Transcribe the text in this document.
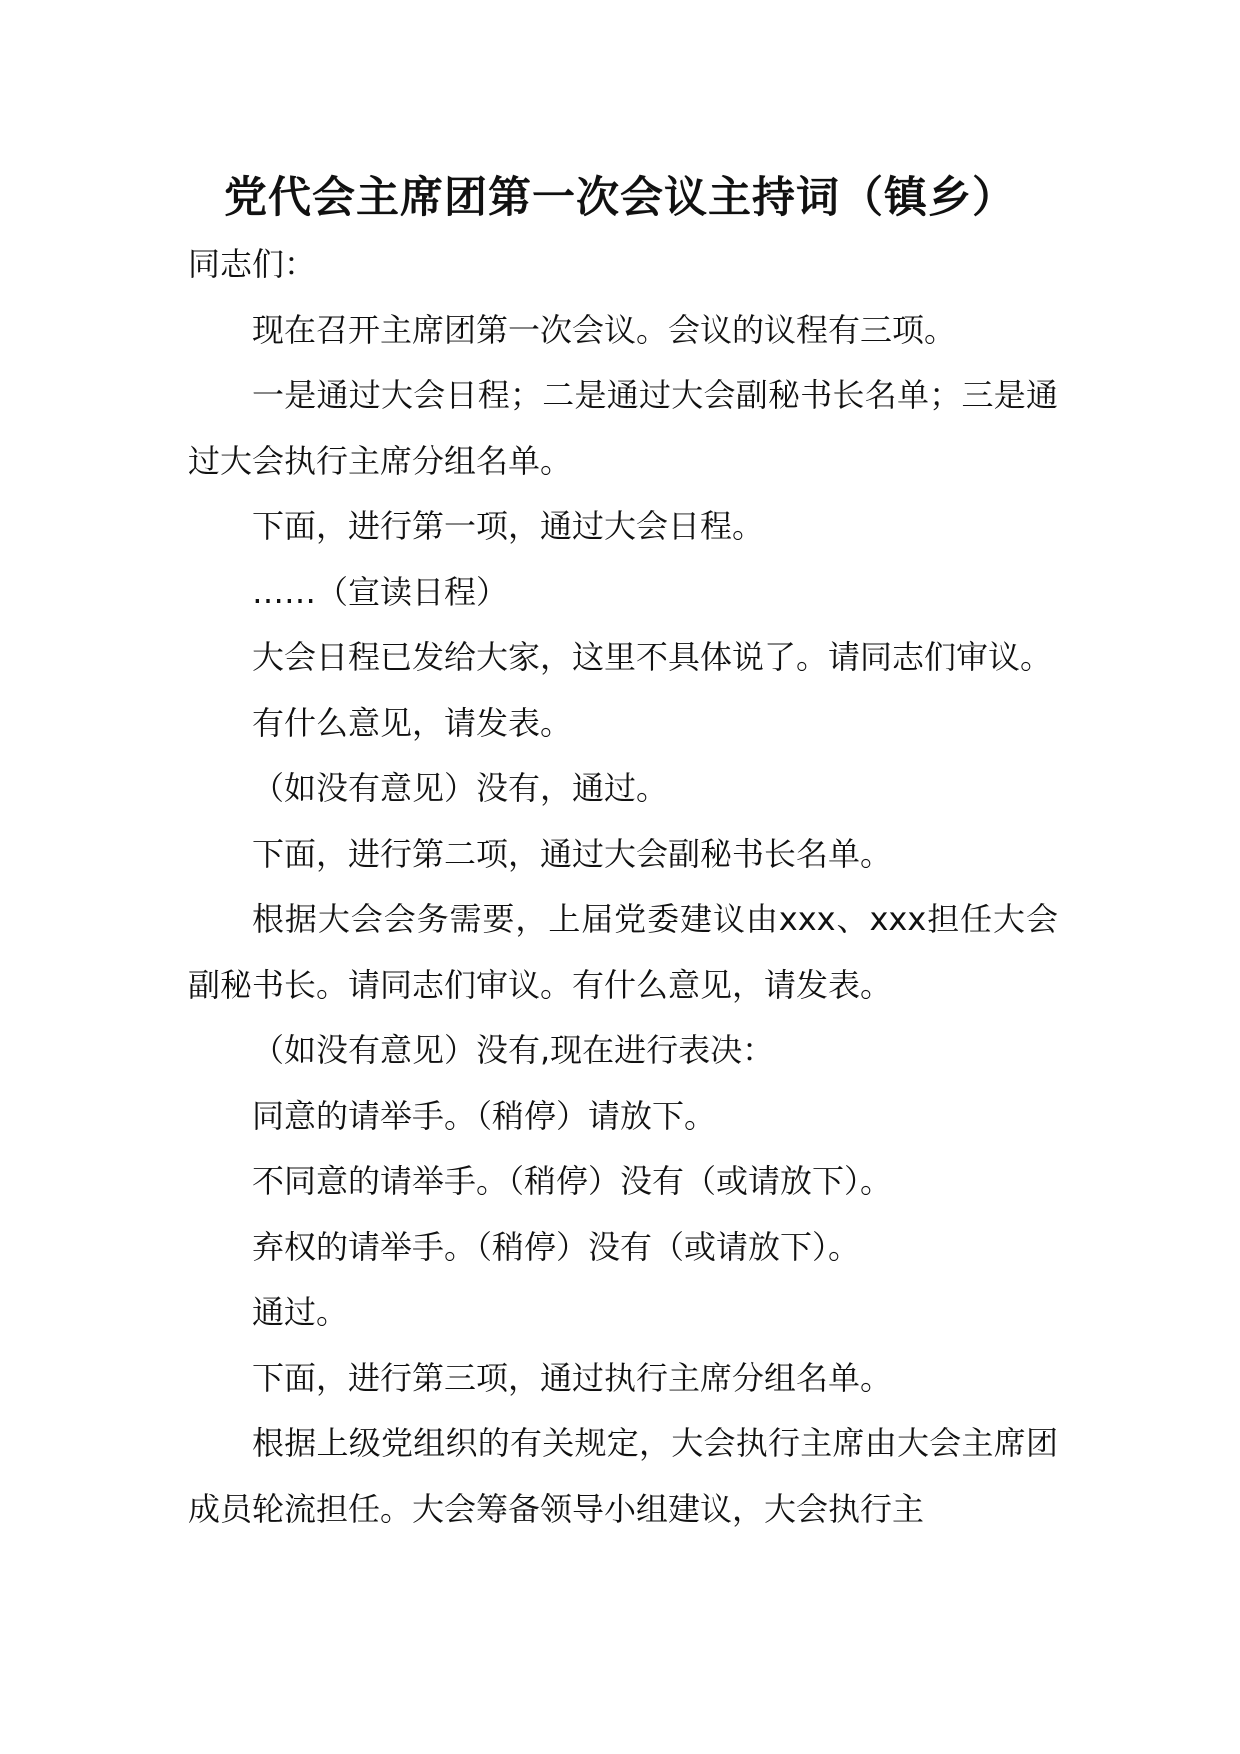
党代会主席团第一次会议主持词（镇乡）

同志们：

现在召开主席团第一次会议。会议的议程有三项。

一是通过大会日程；二是通过大会副秘书长名单；三是通过大会执行主席分组名单。

下面，进行第一项，通过大会日程。

……（宣读日程）

大会日程已发给大家，这里不具体说了。请同志们审议。

有什么意见，请发表。

（如没有意见）没有，通过。

下面，进行第二项，通过大会副秘书长名单。

根据大会会务需要，上届党委建议由xxx、xxx担任大会副秘书长。请同志们审议。有什么意见，请发表。

（如没有意见）没有,现在进行表决：

同意的请举手。（稍停）请放下。

不同意的请举手。（稍停）没有（或请放下）。

弃权的请举手。（稍停）没有（或请放下）。

通过。

下面，进行第三项，通过执行主席分组名单。

根据上级党组织的有关规定，大会执行主席由大会主席团成员轮流担任。大会筹备领导小组建议，大会执行主
